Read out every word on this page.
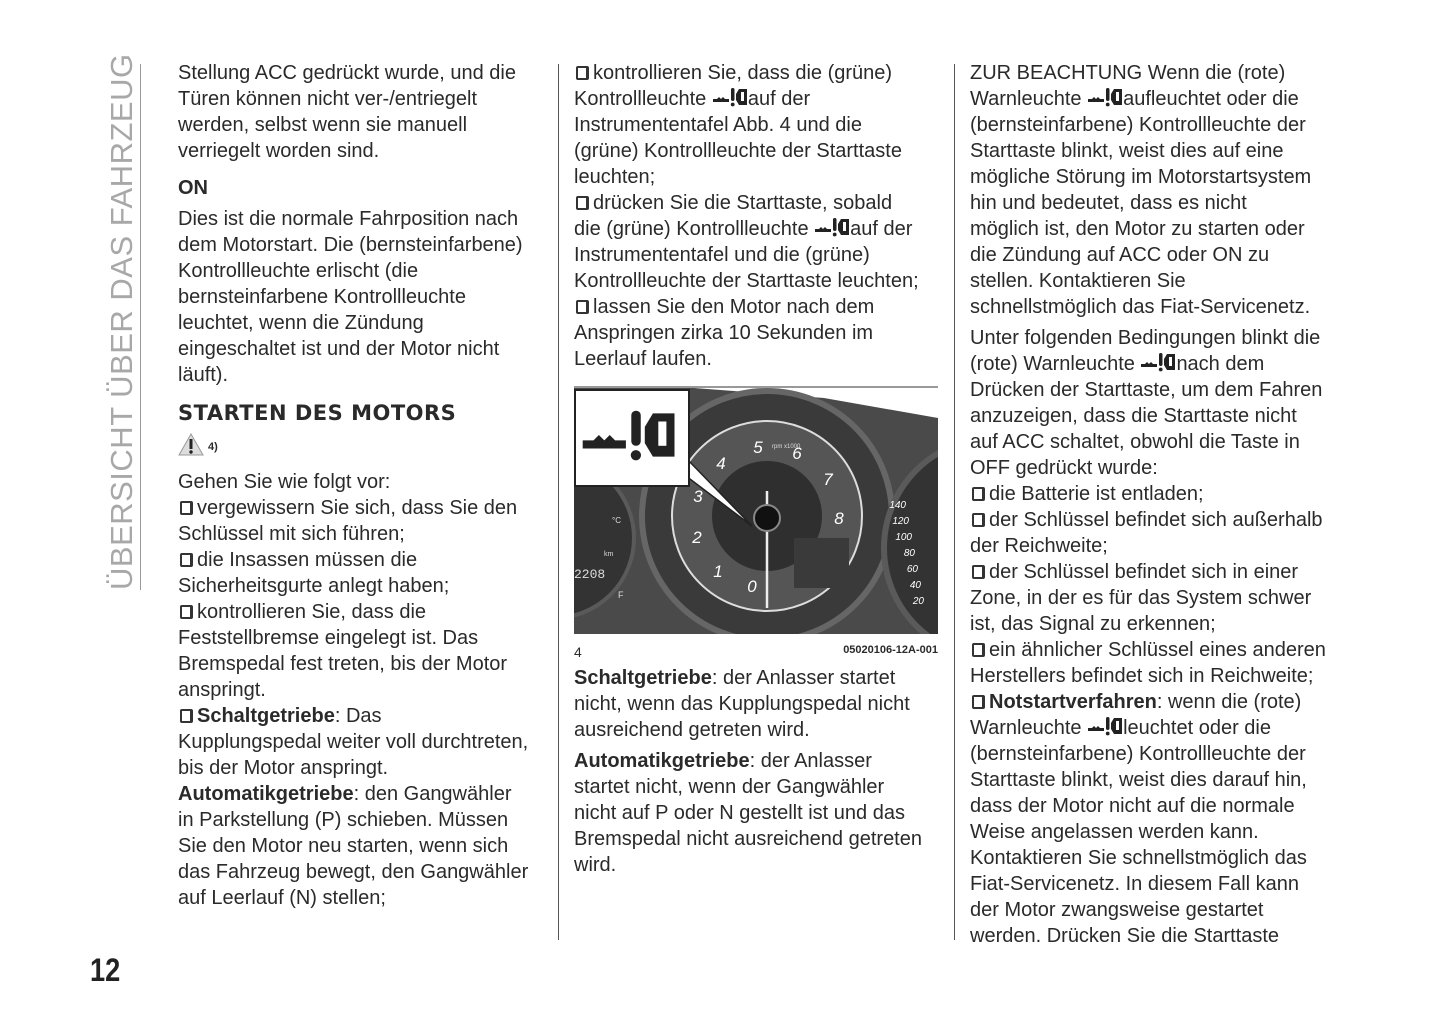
ÜBERSICHT ÜBER DAS FAHRZEUG
12
Stellung ACC gedrückt wurde, und die
Türen können nicht ver-/entriegelt
werden, selbst wenn sie manuell
verriegelt worden sind.
ON
Dies ist die normale Fahrposition nach
dem Motorstart. Die (bernsteinfarbene)
Kontrollleuchte erlischt (die
bernsteinfarbene Kontrollleuchte
leuchtet, wenn die Zündung
eingeschaltet ist und der Motor nicht
läuft).
STARTEN DES MOTORS
4)
Gehen Sie wie folgt vor:
vergewissern Sie sich, dass Sie den
Schlüssel mit sich führen;
die Insassen müssen die
Sicherheitsgurte anlegt haben;
kontrollieren Sie, dass die
Feststellbremse eingelegt ist. Das
Bremspedal fest treten, bis der Motor
anspringt.
Schaltgetriebe: Das
Kupplungspedal weiter voll durchtreten,
bis der Motor anspringt.
Automatikgetriebe: den Gangwähler
in Parkstellung (P) schieben. Müssen
Sie den Motor neu starten, wenn sich
das Fahrzeug bewegt, den Gangwähler
auf Leerlauf (N) stellen;
kontrollieren Sie, dass die (grüne)
Kontrollleuchte auf der
Instrumententafel Abb. 4 und die
(grüne) Kontrollleuchte der Starttaste
leuchten;
drücken Sie die Starttaste, sobald
die (grüne) Kontrollleuchte auf der
Instrumententafel und die (grüne)
Kontrollleuchte der Starttaste leuchten;
lassen Sie den Motor nach dem
Anspringen zirka 10 Sekunden im
Leerlauf laufen.
0
1
2
3
4
5 6
7
8
rpm x1000
20
40
60
80
100
120
140
2208
km
°C
F
4	05020106-12A-001
Schaltgetriebe: der Anlasser startet
nicht, wenn das Kupplungspedal nicht
ausreichend getreten wird.
Automatikgetriebe: der Anlasser
startet nicht, wenn der Gangwähler
nicht auf P oder N gestellt ist und das
Bremspedal nicht ausreichend getreten
wird.
ZUR BEACHTUNG Wenn die (rote)
Warnleuchte aufleuchtet oder die
(bernsteinfarbene) Kontrollleuchte der
Starttaste blinkt, weist dies auf eine
mögliche Störung im Motorstartsystem
hin und bedeutet, dass es nicht
möglich ist, den Motor zu starten oder
die Zündung auf ACC oder ON zu
stellen. Kontaktieren Sie
schnellstmöglich das Fiat-Servicenetz.
Unter folgenden Bedingungen blinkt die
(rote) Warnleuchte nach dem
Drücken der Starttaste, um dem Fahren
anzuzeigen, dass die Starttaste nicht
auf ACC schaltet, obwohl die Taste in
OFF gedrückt wurde:
die Batterie ist entladen;
der Schlüssel befindet sich außerhalb
der Reichweite;
der Schlüssel befindet sich in einer
Zone, in der es für das System schwer
ist, das Signal zu erkennen;
ein ähnlicher Schlüssel eines anderen
Herstellers befindet sich in Reichweite;
Notstartverfahren: wenn die (rote)
Warnleuchte leuchtet oder die
(bernsteinfarbene) Kontrollleuchte der
Starttaste blinkt, weist dies darauf hin,
dass der Motor nicht auf die normale
Weise angelassen werden kann.
Kontaktieren Sie schnellstmöglich das
Fiat-Servicenetz. In diesem Fall kann
der Motor zwangsweise gestartet
werden. Drücken Sie die Starttaste
